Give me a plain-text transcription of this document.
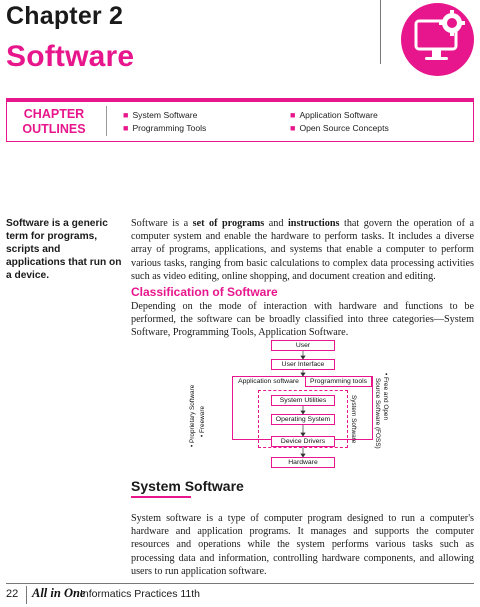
Chapter 2
Software
CHAPTER
OUTLINES
■ System Software	■ Application Software
■ Programming Tools	■ Open Source Concepts
Software is a generic term for programs, scripts and applications that run on a device.
Software is a set of programs and instructions that govern the operation of a computer system and enable the hardware to perform tasks. It includes a diverse array of programs, applications, and systems that enable a computer to perform various tasks, ranging from basic calculations to complex data processing activities such as video editing, online shopping, and document creation and editing.
Classification of Software
Depending on the mode of interaction with hardware and functions to be performed, the software can be broadly classified into three categories—System Software, Programming Tools, Application Software.
User
User Interface
Application software	Programming tools
System Utilities
Operating System
Device Drivers
Hardware
• Proprietary Software • Freeware	System Software	• Free and Open
Source Software (FOSS)
System Software
System software is a type of computer program designed to run a computer's hardware and application programs. It manages and supports the computer resources and operations while the system performs various tasks such as processing data and information, controlling hardware components, and allowing users to run application software.
22 All in One
Informatics Practices 11th
